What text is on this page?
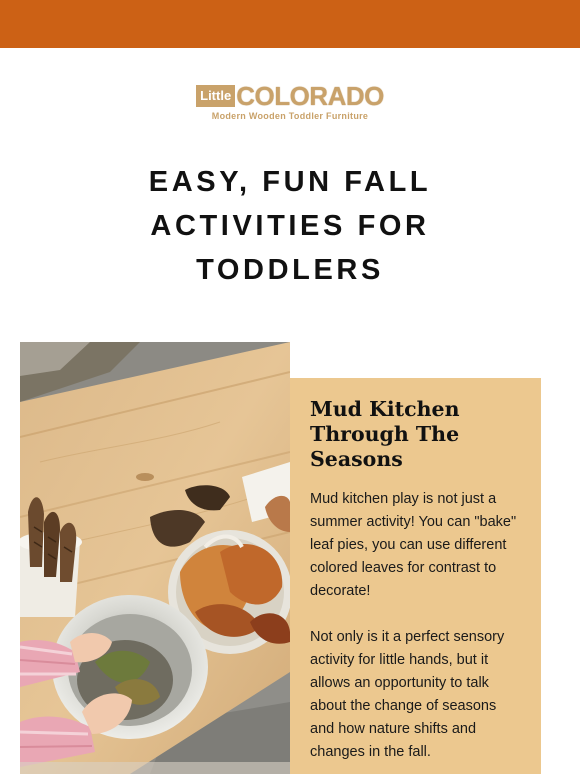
Little COLORADO
Modern Wooden Toddler Furniture
EASY, FUN FALL
ACTIVITIES FOR
TODDLERS
Mud Kitchen
Through The
Seasons

Mud kitchen play is not just a summer activity! You can "bake" leaf pies, you can use different colored leaves for contrast to decorate!

Not only is it a perfect sensory activity for little hands, but it allows an opportunity to talk about the change of seasons and how nature shifts and changes in the fall.
